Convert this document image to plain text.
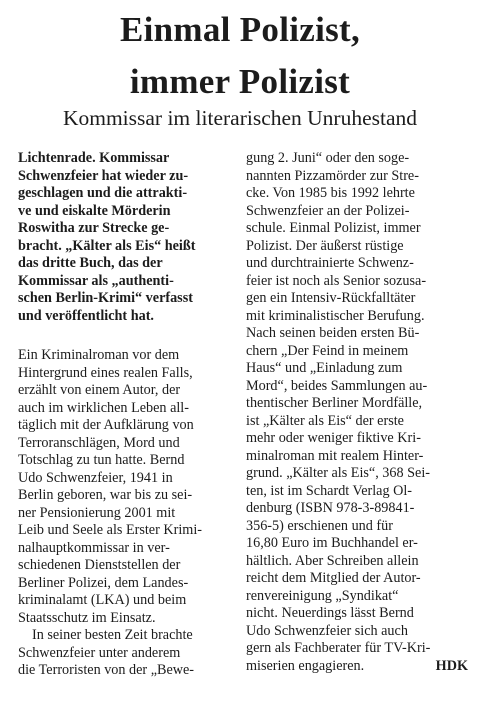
Einmal Polizist,
immer Polizist
Kommissar im literarischen Unruhestand

Lichtenrade. Kommissar
Schwenzfeier hat wieder zu-
geschlagen und die attrakti-
ve und eiskalte Mörderin
Roswitha zur Strecke ge-
bracht. „Kälter als Eis“ heißt
das dritte Buch, das der
Kommissar als „authenti-
schen Berlin-Krimi“ verfasst
und veröffentlicht hat.

Ein Kriminalroman vor dem
Hintergrund eines realen Falls,
erzählt von einem Autor, der
auch im wirklichen Leben all-
täglich mit der Aufklärung von
Terroranschlägen, Mord und
Totschlag zu tun hatte. Bernd
Udo Schwenzfeier, 1941 in
Berlin geboren, war bis zu sei-
ner Pensionierung 2001 mit
Leib und Seele als Erster Krimi-
nalhauptkommissar in ver-
schiedenen Dienststellen der
Berliner Polizei, dem Landes-
kriminalamt (LKA) und beim
Staatsschutz im Einsatz.

In seiner besten Zeit brachte
Schwenzfeier unter anderem
die Terroristen von der „Bewe-

gung 2. Juni“ oder den soge-
nannten Pizzamörder zur Stre-
cke. Von 1985 bis 1992 lehrte
Schwenzfeier an der Polizei-
schule. Einmal Polizist, immer
Polizist. Der äußerst rüstige
und durchtrainierte Schwenz-
feier ist noch als Senior sozusa-
gen ein Intensiv-Rückfalltäter
mit kriminalistischer Berufung.
Nach seinen beiden ersten Bü-
chern „Der Feind in meinem
Haus“ und „Einladung zum
Mord“, beides Sammlungen au-
thentischer Berliner Mordfälle,
ist „Kälter als Eis“ der erste
mehr oder weniger fiktive Kri-
minalroman mit realem Hinter-
grund. „Kälter als Eis“, 368 Sei-
ten, ist im Schardt Verlag Ol-
denburg (ISBN 978-3-89841-
356-5) erschienen und für
16,80 Euro im Buchhandel er-
hältlich. Aber Schreiben allein
reicht dem Mitglied der Autor-
renvereinigung „Syndikat“
nicht. Neuerdings lässt Bernd
Udo Schwenzfeier sich auch
gern als Fachberater für TV-Kri-
miserien engagieren.	HDK
